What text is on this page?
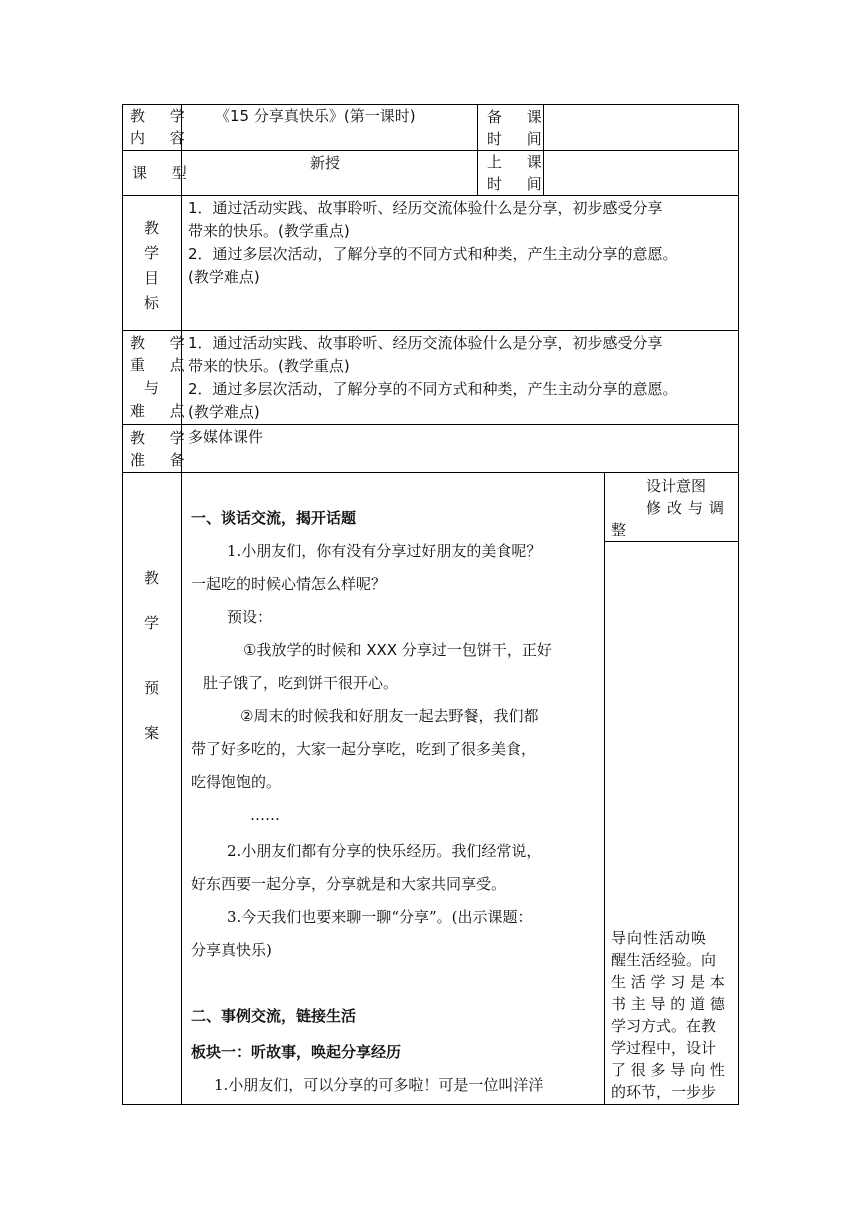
教 学
内 容
《15 分享真快乐》(第一课时)	备 课
时 间
课 型
新授	上 课
时 间
教
学
目
标
1．通过活动实践、故事聆听、经历交流体验什么是分享，初步感受分享
带来的快乐。(教学重点)
2．通过多层次活动，了解分享的不同方式和种类，产生主动分享的意愿。
(教学难点)
教 学
重 点
与
难 点
1．通过活动实践、故事聆听、经历交流体验什么是分享，初步感受分享
带来的快乐。(教学重点)
2．通过多层次活动，了解分享的不同方式和种类，产生主动分享的意愿。
(教学难点)
教 学
准 备
多媒体课件
教
学
预
案
设计意图
修改与调
整
导向性活动唤
醒生活经验。向
生 活 学 习 是 本
书 主 导 的 道 德
学习方式。在教
学过程中，设计
了 很 多 导 向 性
的环节，一步步
一、谈话交流，揭开话题
1.小朋友们，你有没有分享过好朋友的美食呢？
一起吃的时候心情怎么样呢？
预设：
①我放学的时候和 XXX 分享过一包饼干，正好
肚子饿了，吃到饼干很开心。
②周末的时候我和好朋友一起去野餐，我们都
带了好多吃的，大家一起分享吃，吃到了很多美食，
吃得饱饱的。
……
2.小朋友们都有分享的快乐经历。我们经常说，
好东西要一起分享，分享就是和大家共同享受。
3.今天我们也要来聊一聊“分享”。(出示课题：
分享真快乐)
二、事例交流，链接生活
板块一：听故事，唤起分享经历
1.小朋友们，可以分享的可多啦！可是一位叫洋洋
